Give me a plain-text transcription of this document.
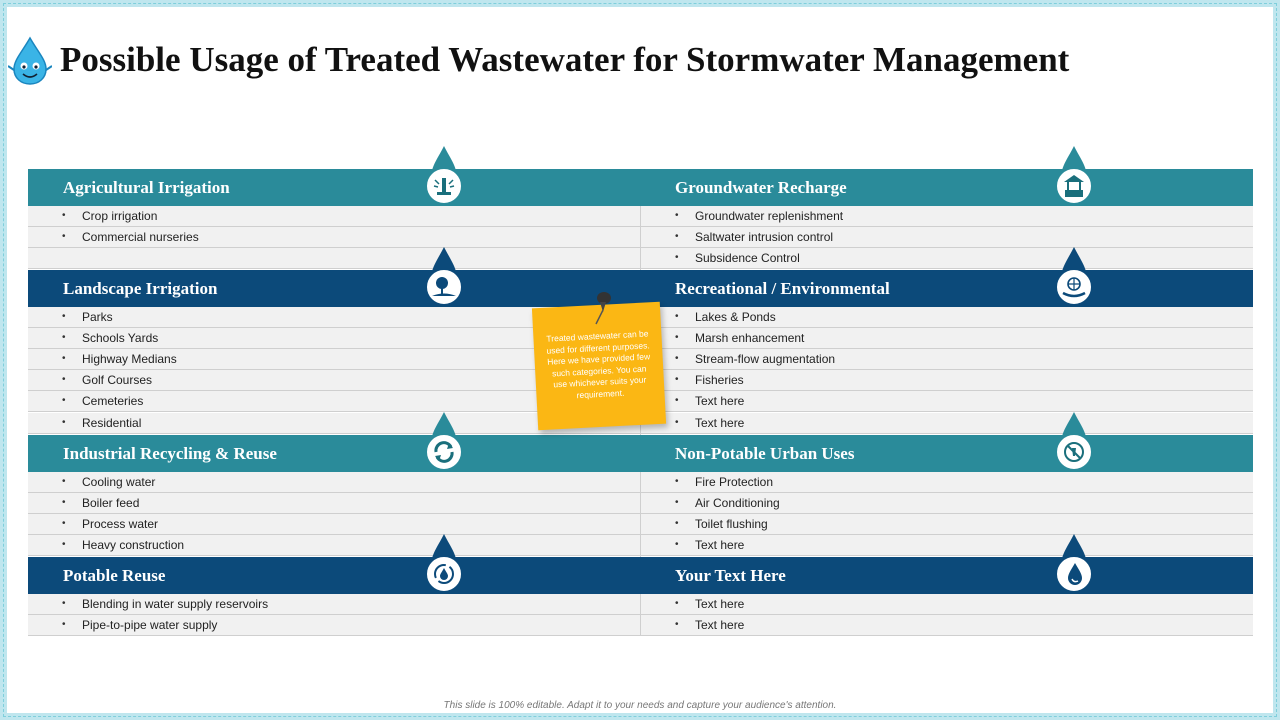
Possible Usage of Treated Wastewater for Stormwater Management
Agricultural Irrigation	Groundwater Recharge
Landscape Irrigation	Recreational / Environmental
Industrial Recycling & Reuse	Non-Potable Urban Uses
Potable Reuse	Your Text Here
• Crop irrigation
• Commercial nurseries
• Groundwater replenishment
• Saltwater intrusion control
• Subsidence Control
• Parks
• Schools Yards
• Highway Medians
• Golf Courses
• Cemeteries
• Residential
• Lakes & Ponds
• Marsh enhancement
• Stream-flow augmentation
• Fisheries
• Text here
• Text here
• Cooling water
• Boiler feed
• Process water
• Heavy construction
• Fire Protection
• Air Conditioning
• Toilet flushing
• Text here
• Blending in water supply reservoirs
• Pipe-to-pipe water supply
• Text here
• Text here
Treated wastewater can be used for different purposes. Here we have provided few such categories. You can use whichever suits your requirement.
This slide is 100% editable. Adapt it to your needs and capture your audience's attention.
